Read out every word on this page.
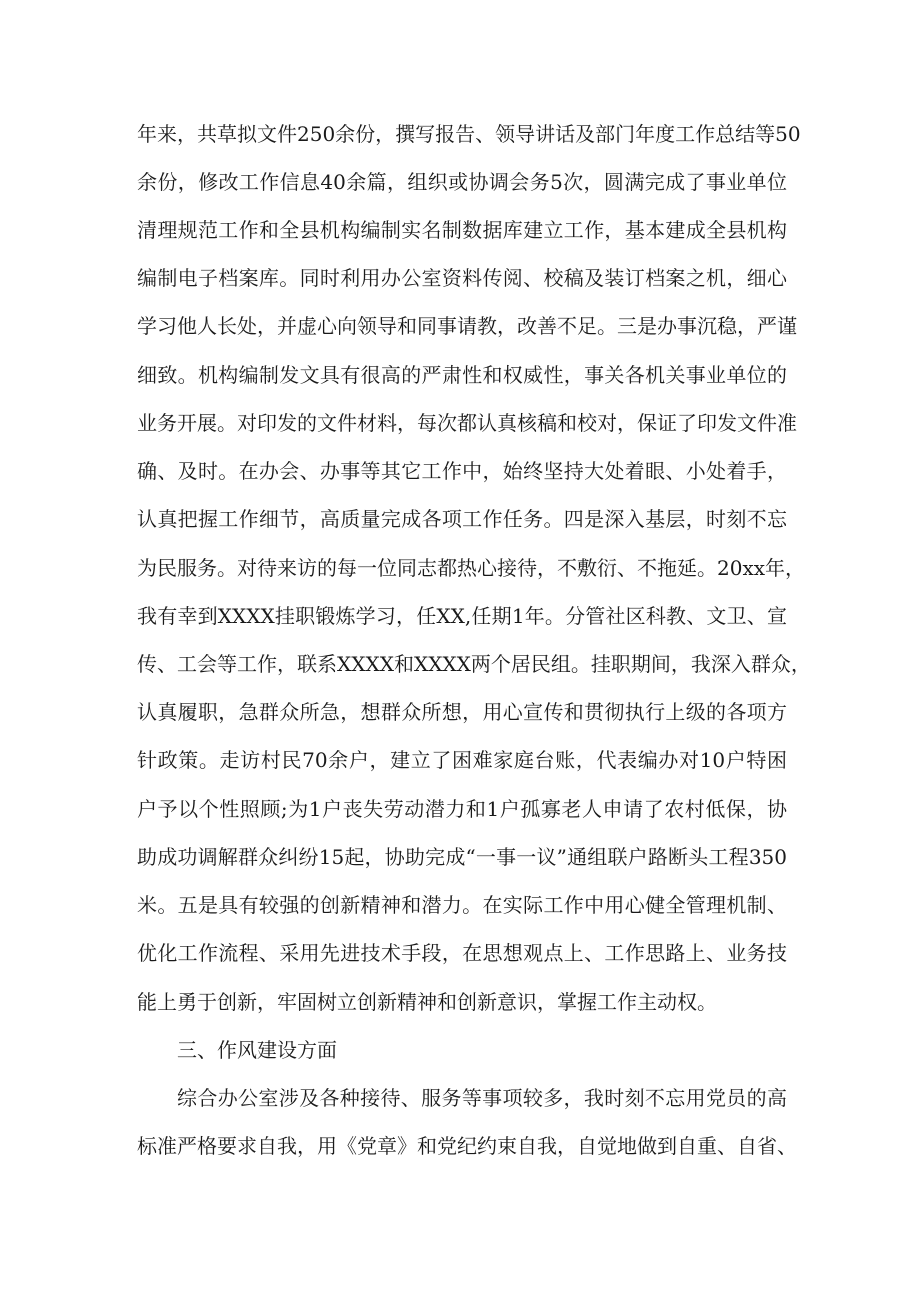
年来，共草拟文件250余份，撰写报告、领导讲话及部门年度工作总结等50
余份，修改工作信息40余篇，组织或协调会务5次，圆满完成了事业单位
清理规范工作和全县机构编制实名制数据库建立工作，基本建成全县机构
编制电子档案库。同时利用办公室资料传阅、校稿及装订档案之机，细心
学习他人长处，并虚心向领导和同事请教，改善不足。三是办事沉稳，严谨
细致。机构编制发文具有很高的严肃性和权威性，事关各机关事业单位的
业务开展。对印发的文件材料，每次都认真核稿和校对，保证了印发文件准
确、及时。在办会、办事等其它工作中，始终坚持大处着眼、小处着手，
认真把握工作细节，高质量完成各项工作任务。四是深入基层，时刻不忘
为民服务。对待来访的每一位同志都热心接待，不敷衍、不拖延。20xx年，
我有幸到XXXX挂职锻炼学习，任XX,任期1年。分管社区科教、文卫、宣
传、工会等工作，联系XXXX和XXXX两个居民组。挂职期间，我深入群众，
认真履职，急群众所急，想群众所想，用心宣传和贯彻执行上级的各项方
针政策。走访村民70余户，建立了困难家庭台账，代表编办对10户特困
户予以个性照顾;为1户丧失劳动潜力和1户孤寡老人申请了农村低保，协
助成功调解群众纠纷15起，协助完成“一事一议”通组联户路断头工程350
米。五是具有较强的创新精神和潜力。在实际工作中用心健全管理机制、
优化工作流程、采用先进技术手段，在思想观点上、工作思路上、业务技
能上勇于创新，牢固树立创新精神和创新意识，掌握工作主动权。
三、作风建设方面
综合办公室涉及各种接待、服务等事项较多，我时刻不忘用党员的高
标准严格要求自我，用《党章》和党纪约束自我，自觉地做到自重、自省、
